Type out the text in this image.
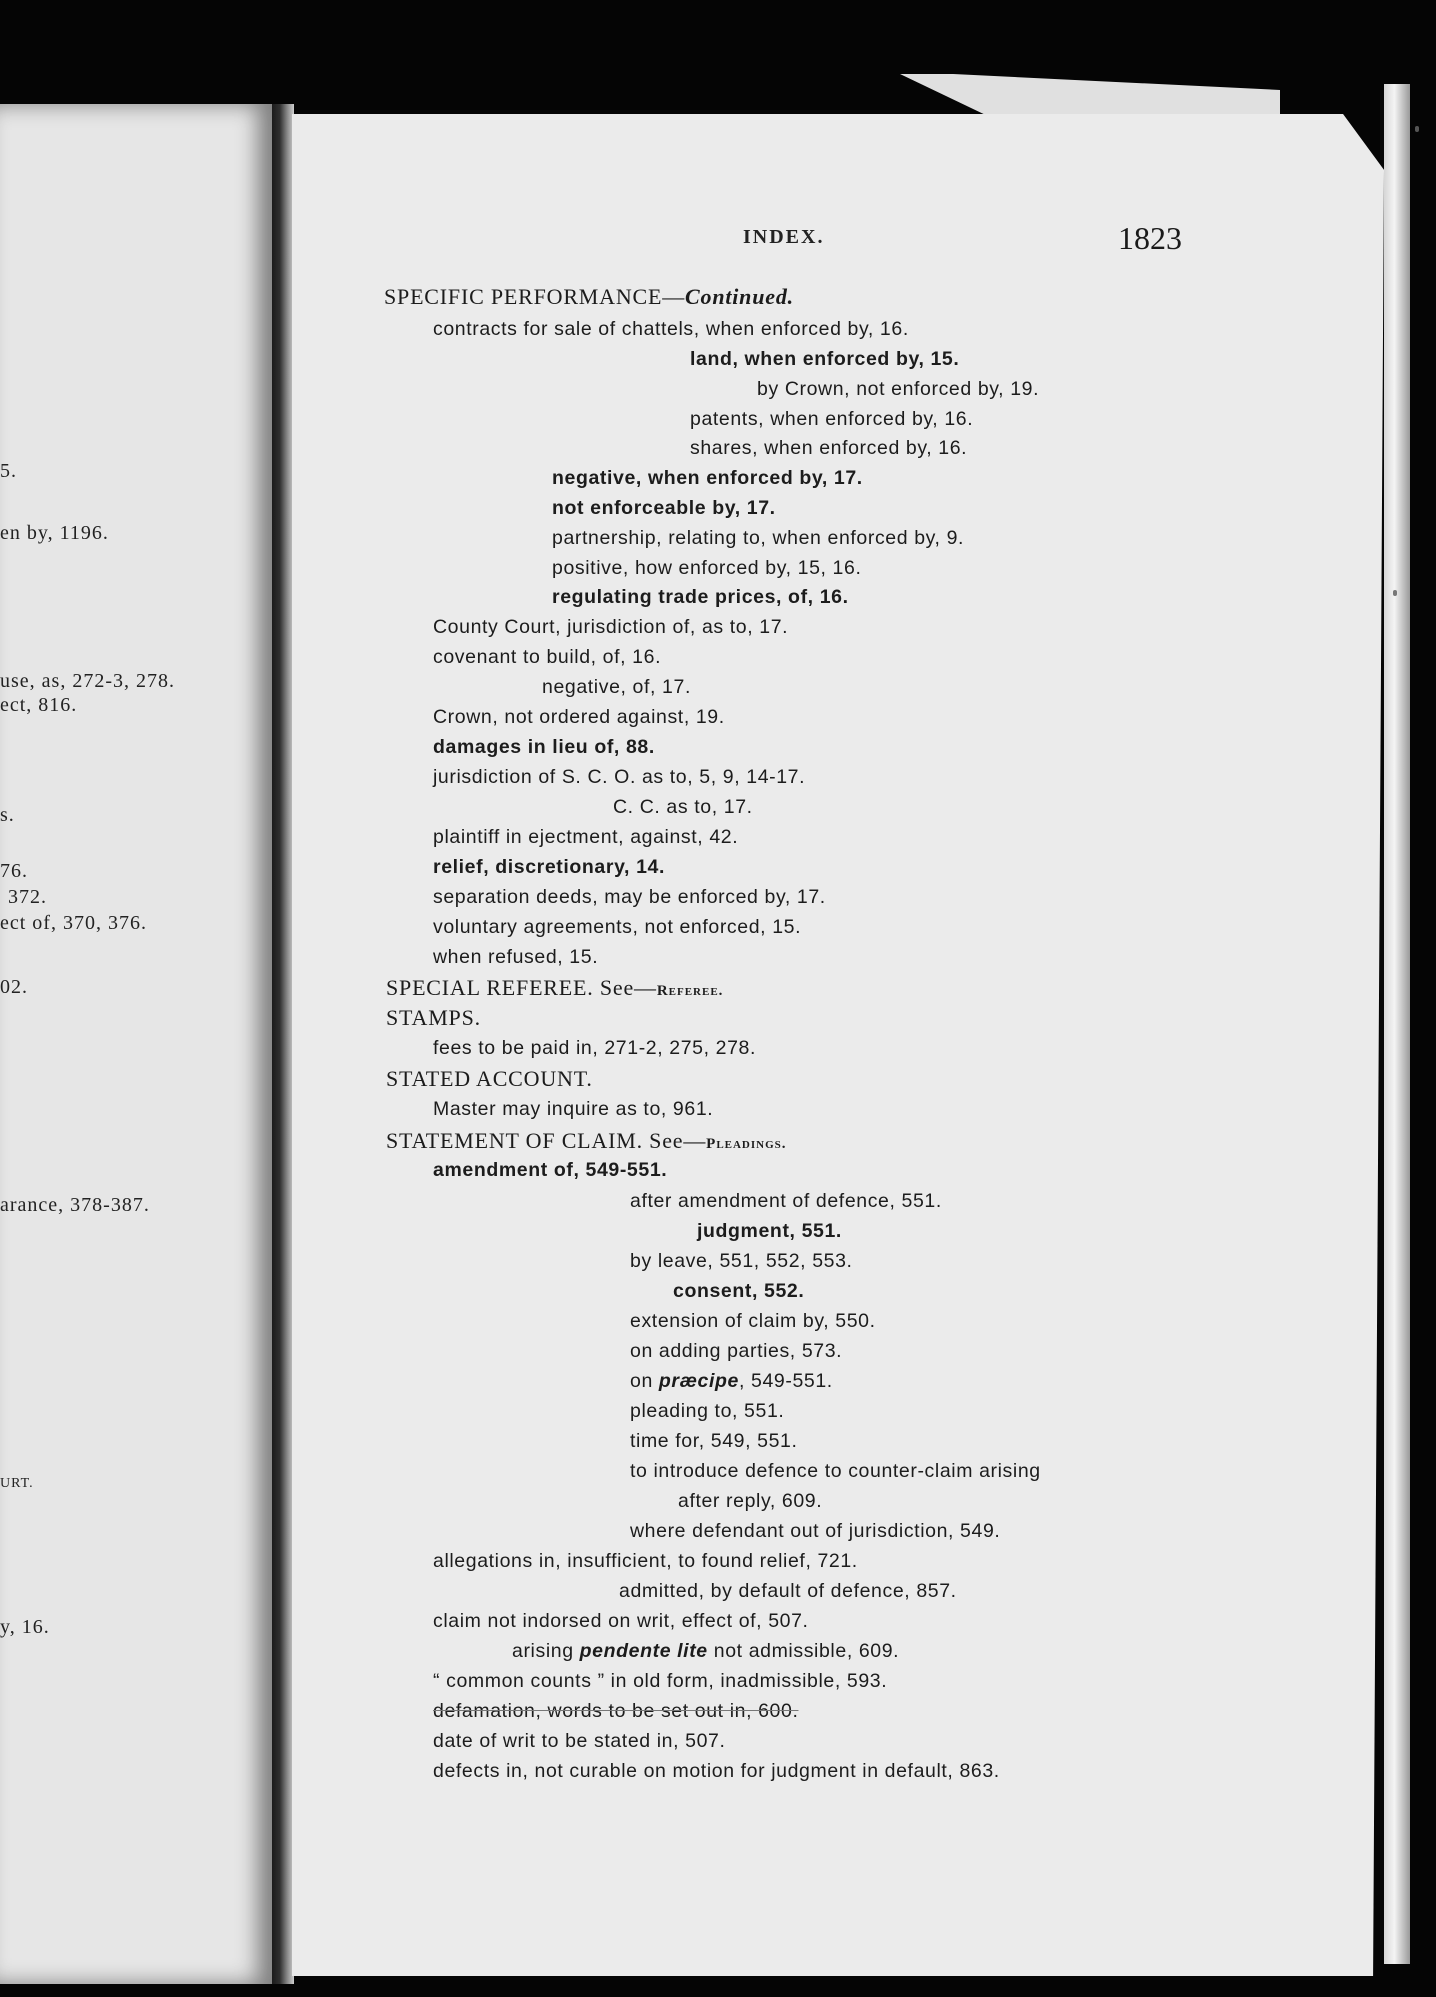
5.
en by, 1196.
use, as, 272-3, 278.
ect, 816.
s.
76.
372.
ect of, 370, 376.
02.
arance, 378-387.
URT.
y, 16.
INDEX.	1823
SPECIFIC PERFORMANCE—Continued.
contracts for sale of chattels, when enforced by, 16.
land, when enforced by, 15.
by Crown, not enforced by, 19.
patents, when enforced by, 16.
shares, when enforced by, 16.
negative, when enforced by, 17.
not enforceable by, 17.
partnership, relating to, when enforced by, 9.
positive, how enforced by, 15, 16.
regulating trade prices, of, 16.
County Court, jurisdiction of, as to, 17.
covenant to build, of, 16.
negative, of, 17.
Crown, not ordered against, 19.
damages in lieu of, 88.
jurisdiction of S. C. O. as to, 5, 9, 14-17.
C. C. as to, 17.
plaintiff in ejectment, against, 42.
relief, discretionary, 14.
separation deeds, may be enforced by, 17.
voluntary agreements, not enforced, 15.
when refused, 15.
SPECIAL REFEREE. See—Referee.
STAMPS.
fees to be paid in, 271-2, 275, 278.
STATED ACCOUNT.
Master may inquire as to, 961.
STATEMENT OF CLAIM. See—Pleadings.
amendment of, 549-551.
after amendment of defence, 551.
judgment, 551.
by leave, 551, 552, 553.
consent, 552.
extension of claim by, 550.
on adding parties, 573.
on præcipe, 549-551.
pleading to, 551.
time for, 549, 551.
to introduce defence to counter-claim arising
after reply, 609.
where defendant out of jurisdiction, 549.
allegations in, insufficient, to found relief, 721.
admitted, by default of defence, 857.
claim not indorsed on writ, effect of, 507.
arising pendente lite not admissible, 609.
“ common counts ” in old form, inadmissible, 593.
defamation, words to be set out in, 600.
date of writ to be stated in, 507.
defects in, not curable on motion for judgment in default, 863.
